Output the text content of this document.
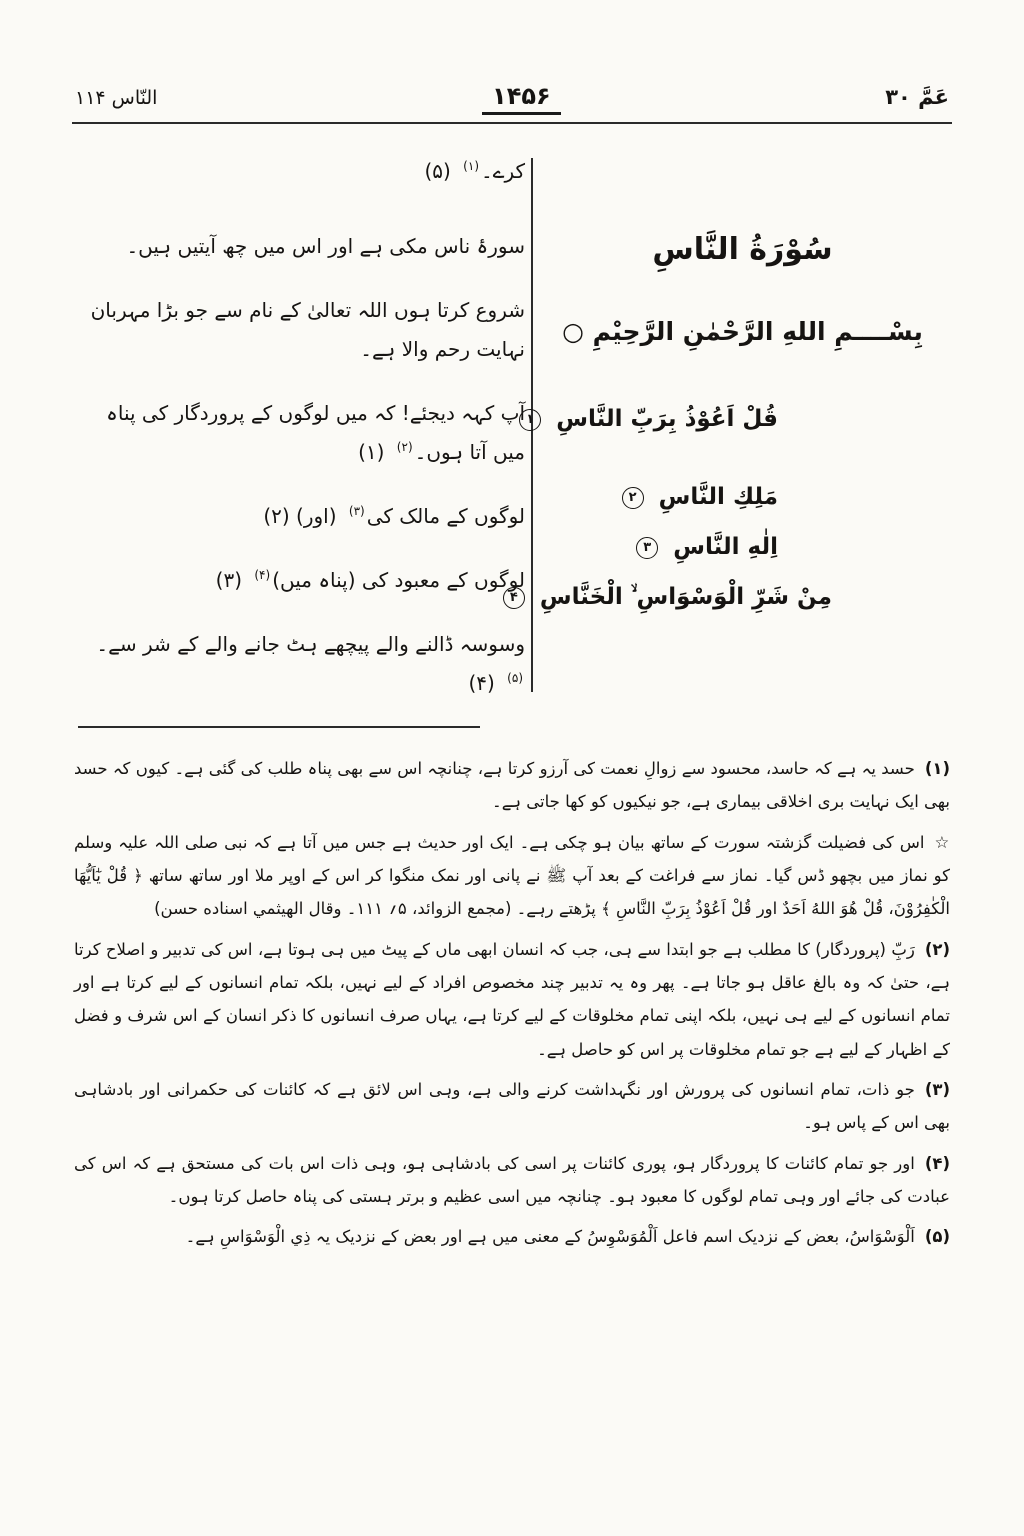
عَمَّ ۳۰
۱۴۵۶
النّاس ۱۱۴
سُوْرَةُ النَّاسِ
بِسْــــمِ اللهِ الرَّحْمٰنِ الرَّحِيْمِ ○
قُلْ اَعُوْذُ بِرَبِّ النَّاسِ ۱
مَلِكِ النَّاسِ ۲
اِلٰهِ النَّاسِ ۳
مِنْ شَرِّ الْوَسْوَاسِ ۙ الْخَنَّاسِ ۴
کرے۔$^{(۱)}$ (۵)
سورۂ ناس مکی ہے اور اس میں چھ آیتیں ہیں۔
شروع کرتا ہوں اللہ تعالیٰ کے نام سے جو بڑا مہربان نہایت رحم والا ہے۔
آپ کہہ دیجئے! کہ میں لوگوں کے پروردگار کی پناہ میں آتا ہوں۔$^{(۲)}$ (۱)
لوگوں کے مالک کی$^{(۳)}$ (اور) (۲)
لوگوں کے معبود کی (پناہ میں)$^{(۴)}$ (۳)
وسوسہ ڈالنے والے پیچھے ہٹ جانے والے کے شر سے۔$^{(۵)}$ (۴)

(۱)حسد یہ ہے کہ حاسد، محسود سے زوالِ نعمت کی آرزو کرتا ہے، چنانچہ اس سے بھی پناہ طلب کی گئی ہے۔ کیوں کہ حسد بھی ایک نہایت بری اخلاقی بیماری ہے، جو نیکیوں کو کھا جاتی ہے۔

☆اس کی فضیلت گزشتہ سورت کے ساتھ بیان ہو چکی ہے۔ ایک اور حدیث ہے جس میں آتا ہے کہ نبی صلی اللہ علیہ وسلم کو نماز میں بچھو ڈس گیا۔ نماز سے فراغت کے بعد آپ ﷺ نے پانی اور نمک منگوا کر اس کے اوپر ملا اور ساتھ ساتھ ﴿ قُلْ يٰٓاَيُّهَا الْكٰفِرُوْنَ، قُلْ هُوَ اللهُ اَحَدٌ اور قُلْ اَعُوْذُ بِرَبِّ النَّاسِ ﴾ پڑھتے رہے۔ (مجمع الزوائد، ۵؍ ۱۱۱۔ وقال الهيثمي اسناده حسن)

(۲)رَبِّ (پروردگار) کا مطلب ہے جو ابتدا سے ہی، جب کہ انسان ابھی ماں کے پیٹ میں ہی ہوتا ہے، اس کی تدبیر و اصلاح کرتا ہے، حتیٰ کہ وہ بالغ عاقل ہو جاتا ہے۔ پھر وہ یہ تدبیر چند مخصوص افراد کے لیے نہیں، بلکہ تمام انسانوں کے لیے کرتا ہے اور تمام انسانوں کے لیے ہی نہیں، بلکہ اپنی تمام مخلوقات کے لیے کرتا ہے، یہاں صرف انسانوں کا ذکر انسان کے اس شرف و فضل کے اظہار کے لیے ہے جو تمام مخلوقات پر اس کو حاصل ہے۔

(۳)جو ذات، تمام انسانوں کی پرورش اور نگہداشت کرنے والی ہے، وہی اس لائق ہے کہ کائنات کی حکمرانی اور بادشاہی بھی اس کے پاس ہو۔

(۴)اور جو تمام کائنات کا پروردگار ہو، پوری کائنات پر اسی کی بادشاہی ہو، وہی ذات اس بات کی مستحق ہے کہ اس کی عبادت کی جائے اور وہی تمام لوگوں کا معبود ہو۔ چنانچہ میں اسی عظیم و برتر ہستی کی پناہ حاصل کرتا ہوں۔

(۵)اَلْوَسْوَاسُ، بعض کے نزدیک اسم فاعل اَلْمُوَسْوِسُ کے معنی میں ہے اور بعض کے نزدیک یہ ذِي الْوَسْوَاسِ ہے۔
